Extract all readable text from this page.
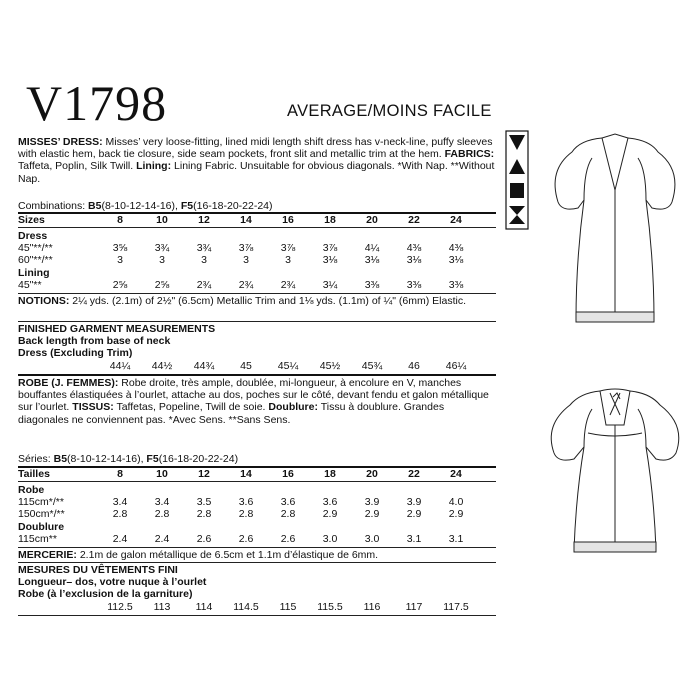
V1798	AVERAGE/MOINS FACILE
MISSES’ DRESS: Misses’ very loose-fitting, lined midi length shift dress has v-neck-line, puffy sleeves with elastic hem, back tie closure, side seam pockets, front slit and metallic trim at the hem. FABRICS: Taffeta, Poplin, Silk Twill. Lining: Lining Fabric. Unsuitable for obvious diagonals. *With Nap. **Without Nap.
Combinations: B5(8-10-12-14-16), F5(16-18-20-22-24)
Sizes	8	10	12	14	16	18	20	22	24
Dress
45"**/**	3⅝	3¾	3¾	3⅞	3⅞	3⅞	4¼	4⅜	4⅜
60"**/**	3	3	3	3	3	3⅛	3⅛	3⅛	3⅛
Lining
45"**	2⅝	2⅝	2¾	2¾	2¾	3¼	3⅜	3⅜	3⅜
NOTIONS: 2¼ yds. (2.1m) of 2½" (6.5cm) Metallic Trim and 1⅛ yds. (1.1m) of ¼" (6mm) Elastic.
FINISHED GARMENT MEASUREMENTS
Back length from base of neck
Dress (Excluding Trim)
44¼	44½	44¾	45	45¼	45½	45¾	46	46¼
ROBE (J. FEMMES): Robe droite, très ample, doublée, mi-longueur, à encolure en V, manches bouffantes élastiquées à l’ourlet, attache au dos, poches sur le côté, devant fendu et galon métallique sur l’ourlet. TISSUS: Taffetas, Popeline, Twill de soie. Doublure: Tissu à doublure. Grandes diagonales ne conviennent pas. *Avec Sens. **Sans Sens.
Séries: B5(8-10-12-14-16), F5(16-18-20-22-24)
Tailles	8	10	12	14	16	18	20	22	24
Robe
115cm*/**	3.4	3.4	3.5	3.6	3.6	3.6	3.9	3.9	4.0
150cm*/**	2.8	2.8	2.8	2.8	2.8	2.9	2.9	2.9	2.9
Doublure
115cm**	2.4	2.4	2.6	2.6	2.6	3.0	3.0	3.1	3.1
MERCERIE: 2.1m de galon métallique de 6.5cm et 1.1m d’élastique de 6mm.
MESURES DU VÊTEMENTS FINI
Longueur– dos, votre nuque à l’ourlet
Robe (à l’exclusion de la garniture)
112.5	113	114	114.5	115	115.5	116	117	117.5
